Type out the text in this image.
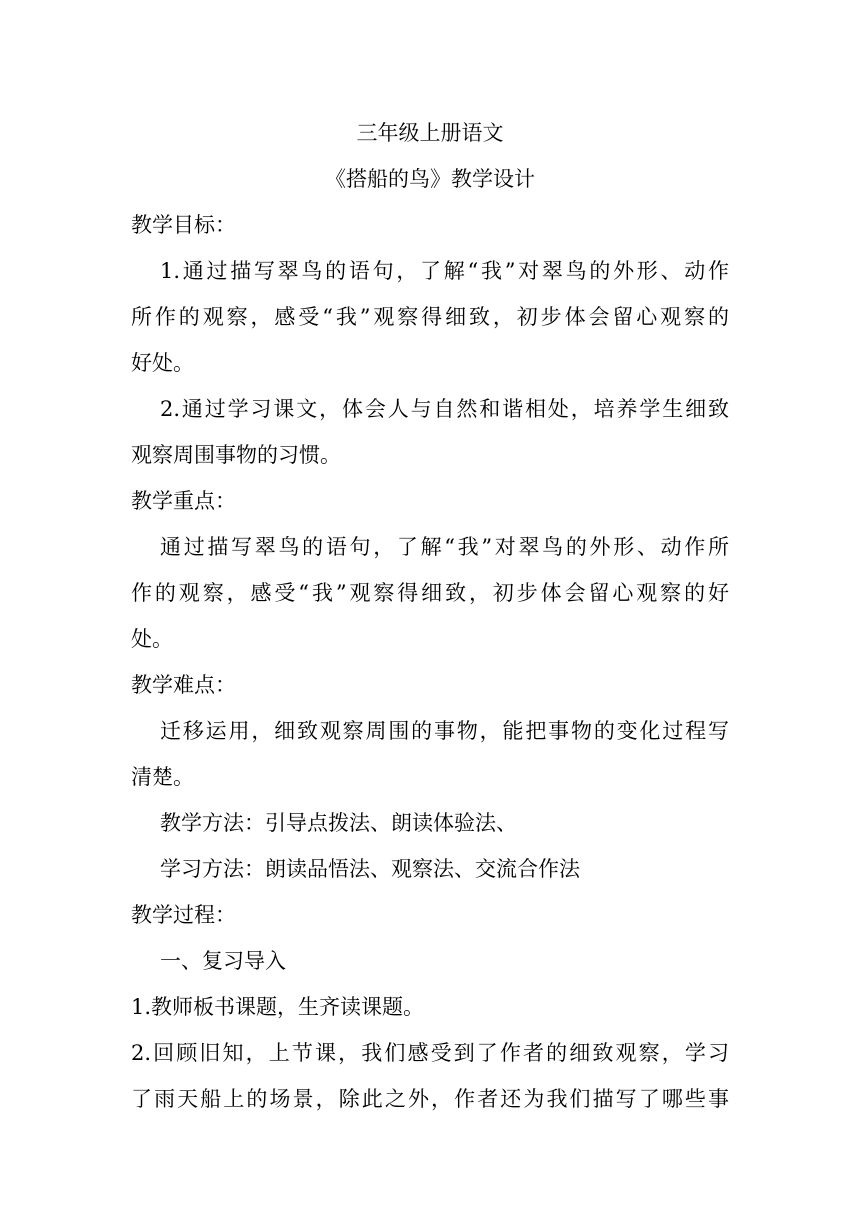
三年级上册语文
《搭船的鸟》教学设计
教学目标：
1.通过描写翠鸟的语句，了解“我”对翠鸟的外形、动作
所作的观察，感受“我”观察得细致，初步体会留心观察的
好处。
2.通过学习课文，体会人与自然和谐相处，培养学生细致
观察周围事物的习惯。
教学重点：
通过描写翠鸟的语句，了解“我”对翠鸟的外形、动作所
作的观察，感受“我”观察得细致，初步体会留心观察的好
处。
教学难点：
迁移运用，细致观察周围的事物，能把事物的变化过程写
清楚。
教学方法：引导点拨法、朗读体验法、
学习方法：朗读品悟法、观察法、交流合作法
教学过程：
一、复习导入
1.教师板书课题，生齐读课题。
2.回顾旧知，上节课，我们感受到了作者的细致观察，学习
了雨天船上的场景，除此之外，作者还为我们描写了哪些事
